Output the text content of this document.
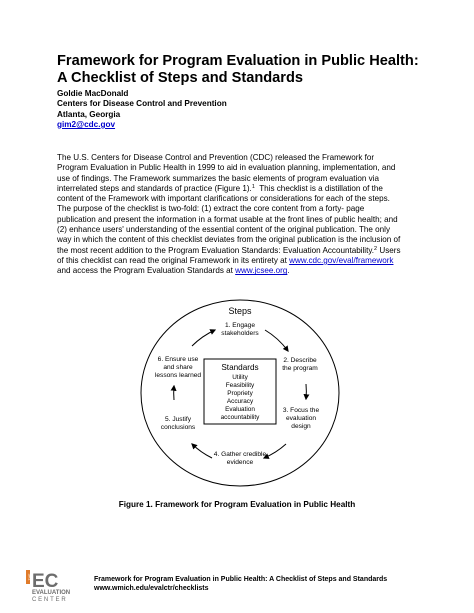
Framework for Program Evaluation in Public Health:
A Checklist of Steps and Standards
Goldie MacDonald
Centers for Disease Control and Prevention
Atlanta, Georgia
gim2@cdc.gov
The U.S. Centers for Disease Control and Prevention (CDC) released the Framework for
Program Evaluation in Public Health in 1999 to aid in evaluation planning, implementation, and
use of findings. The Framework summarizes the basic elements of program evaluation via
interrelated steps and standards of practice (Figure 1).$^1$  This checklist is a distillation of the
content of the Framework with important clarifications or considerations for each of the steps.
The purpose of the checklist is two-fold: (1) extract the core content from a forty- page
publication and present the information in a format usable at the front lines of public health; and
(2) enhance users' understanding of the essential content of the original publication. The only
way in which the content of this checklist deviates from the original publication is the inclusion of
the most recent addition to the Program Evaluation Standards: Evaluation Accountability.$^2$ Users
of this checklist can read the original Framework in its entirety at www.cdc.gov/eval/framework
and access the Program Evaluation Standards at www.jcsee.org.
Steps
1. Engage
stakeholders
2. Describe
the program
3. Focus the
evaluation
design
4. Gather credible
evidence
5. Justify
conclusions
6. Ensure use
and share
lessons learned
Standards
Utility
Feasibility
Propriety
Accuracy
Evaluation
accountability
Figure 1. Framework for Program Evaluation in Public Health
THE EC
EVALUATION
CENTER
Framework for Program Evaluation in Public Health: A Checklist of Steps and Standards
www.wmich.edu/evalctr/checklists
